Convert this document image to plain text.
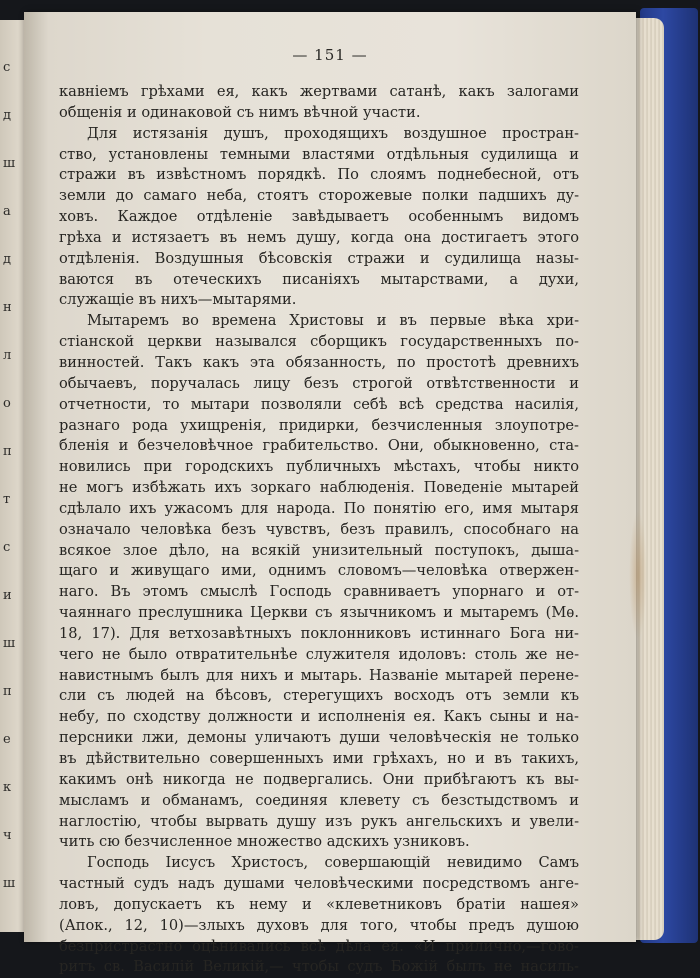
с
д
ш
а
д
н
л
о
п
т
с
и
ш
п
е
к
ч
ш
— 151 —
кавніемъ грѣхами ея, какъ жертвами сатанѣ, какъ залогами
общенія и одинаковой съ нимъ вѣчной участи.
Для истязанія душъ, проходящихъ воздушное простран-
ство, установлены темными властями отдѣльныя судилища и
стражи въ извѣстномъ порядкѣ. По слоямъ поднебесной, отъ
земли до самаго неба, стоятъ сторожевые полки падшихъ ду-
ховъ. Каждое отдѣленіе завѣдываетъ особеннымъ видомъ
грѣха и истязаетъ въ немъ душу, когда она достигаетъ этого
отдѣленія. Воздушныя бѣсовскія стражи и судилища назы-
ваются въ отеческихъ писаніяхъ мытарствами, а духи,
служащіе въ нихъ—мытарями.
Мытаремъ во времена Христовы и въ первые вѣка хри-
стіанской церкви назывался сборщикъ государственныхъ по-
винностей. Такъ какъ эта обязанность, по простотѣ древнихъ
обычаевъ, поручалась лицу безъ строгой отвѣтственности и
отчетности, то мытари позволяли себѣ всѣ средства насилія,
разнаго рода ухищренія, придирки, безчисленныя злоупотре-
бленія и безчеловѣчное грабительство. Они, обыкновенно, ста-
новились при городскихъ публичныхъ мѣстахъ, чтобы никто
не могъ избѣжать ихъ зоркаго наблюденія. Поведеніе мытарей
сдѣлало ихъ ужасомъ для народа. По понятію его, имя мытаря
означало человѣка безъ чувствъ, безъ правилъ, способнаго на
всякое злое дѣло, на всякій унизительный поступокъ, дыша-
щаго и живущаго ими, однимъ словомъ—человѣка отвержен-
наго. Въ этомъ смыслѣ Господь сравниваетъ упорнаго и от-
чаяннаго преслушника Церкви съ язычникомъ и мытаремъ (Мѳ.
18, 17). Для ветхозавѣтныхъ поклонниковъ истиннаго Бога ни-
чего не было отвратительнѣе служителя идоловъ: столь же не-
навистнымъ былъ для нихъ и мытарь. Названіе мытарей перене-
сли съ людей на бѣсовъ, стерегущихъ восходъ отъ земли къ
небу, по сходству должности и исполненія ея. Какъ сыны и на-
персники лжи, демоны уличаютъ души человѣческія не только
въ дѣйствительно совершенныхъ ими грѣхахъ, но и въ такихъ,
какимъ онѣ никогда не подвергались. Они прибѣгаютъ къ вы-
мысламъ и обманамъ, соединяя клевету съ безстыдствомъ и
наглостію, чтобы вырвать душу изъ рукъ ангельскихъ и увели-
чить сю безчисленное множество адскихъ узниковъ.
Господь Іисусъ Христосъ, совершающій невидимо Самъ
частный судъ надъ душами человѣческими посредствомъ анге-
ловъ, допускаетъ къ нему и «клеветниковъ братіи нашея»
(Апок., 12, 10)—злыхъ духовъ для того, чтобы предъ душою
безпристрастно оцѣнивались всѣ дѣла ея. «И прилично,—гово-
ритъ св. Василій Великій,— чтобы судъ Божій былъ не насиль-
